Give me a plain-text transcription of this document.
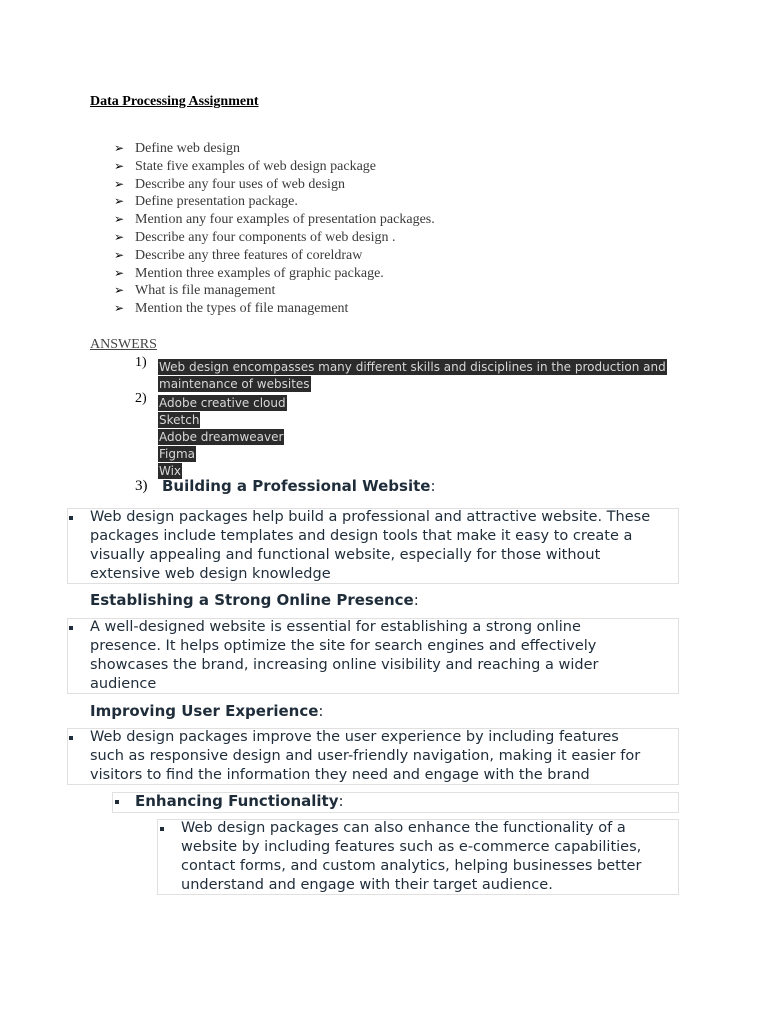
Data Processing Assignment
➢ Define web design
➢ State five examples of web design package
➢ Describe any four uses of web design
➢ Define presentation package.
➢ Mention any four examples of presentation packages.
➢ Describe any four components of web design .
➢ Describe any three features of coreldraw
➢ Mention three examples of graphic package.
➢ What is file management
➢ Mention the types of file management
ANSWERS
1) Web design encompasses many different skills and disciplines in the production and
maintenance of websites
2) Adobe creative cloud
Sketch
Adobe dreamweaver
Figma
Wix
3) Building a Professional Website:
Web design packages help build a professional and attractive website. These
packages include templates and design tools that make it easy to create a
visually appealing and functional website, especially for those without
extensive web design knowledge
Establishing a Strong Online Presence:
A well-designed website is essential for establishing a strong online
presence. It helps optimize the site for search engines and effectively
showcases the brand, increasing online visibility and reaching a wider
audience
Improving User Experience:
Web design packages improve the user experience by including features
such as responsive design and user-friendly navigation, making it easier for
visitors to find the information they need and engage with the brand
Enhancing Functionality:
Web design packages can also enhance the functionality of a
website by including features such as e-commerce capabilities,
contact forms, and custom analytics, helping businesses better
understand and engage with their target audience.
